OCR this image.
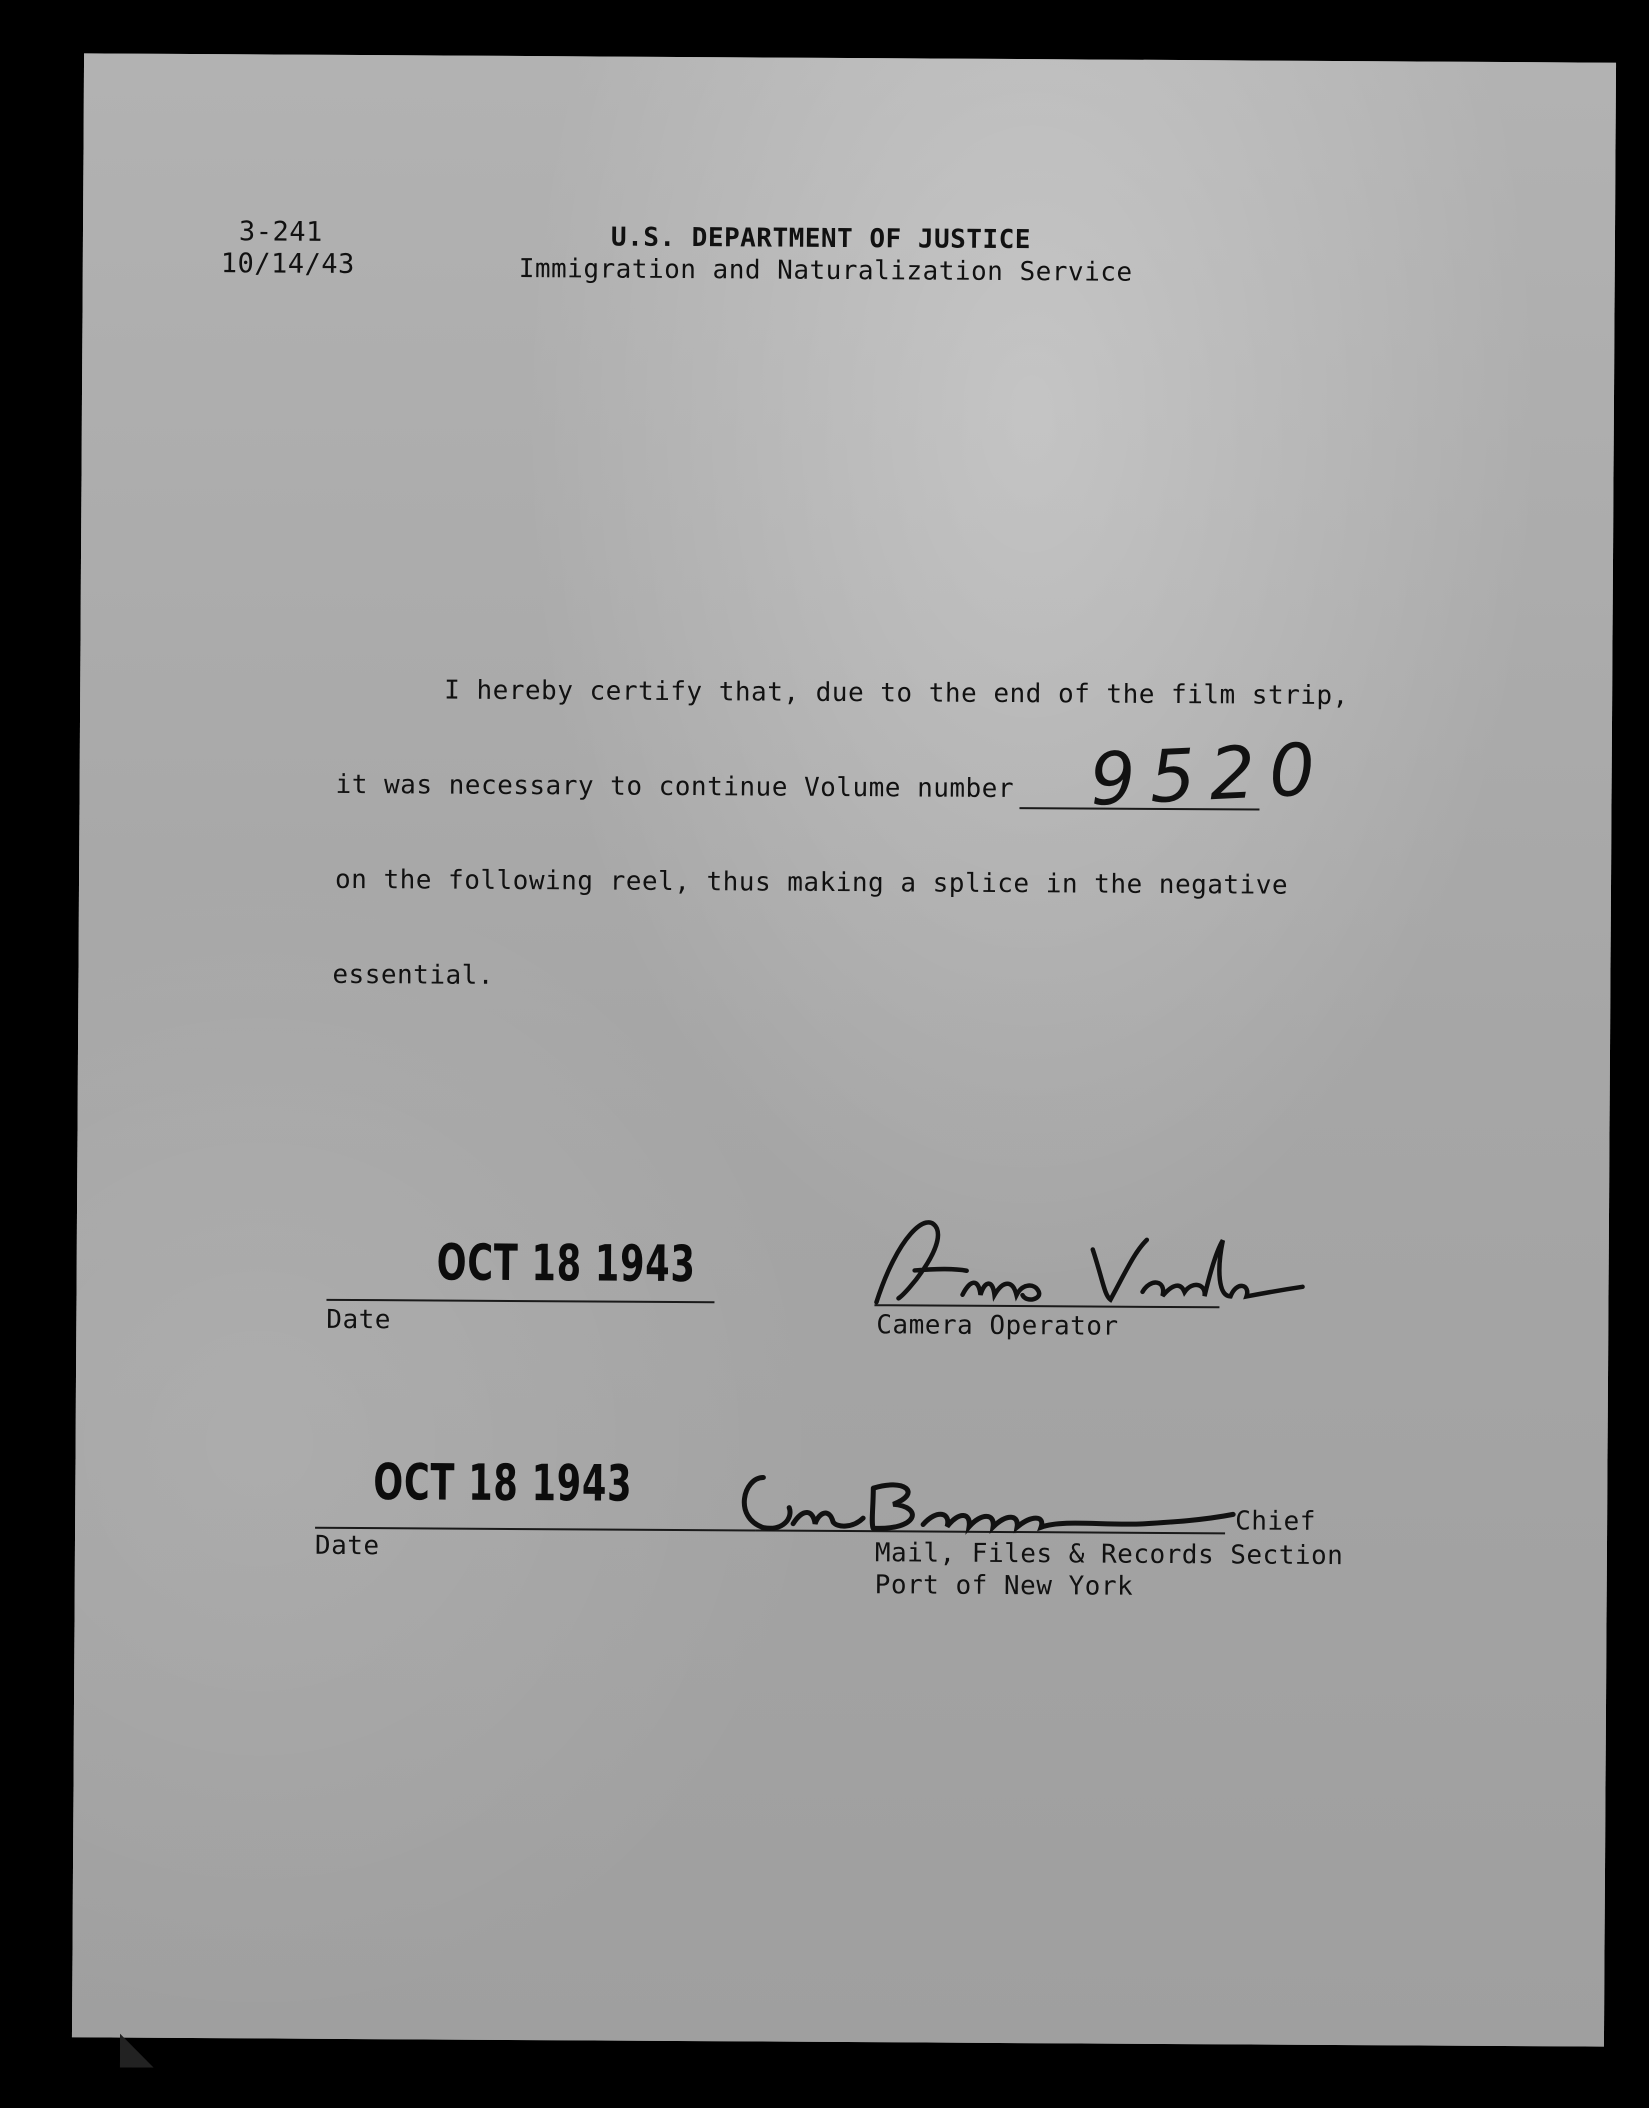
3-241
10/14/43
U.S. DEPARTMENT OF JUSTICE
Immigration and Naturalization Service
I hereby certify that, due to the end of the film strip,
it was necessary to continue Volume number 9520
on the following reel, thus making a splice in the negative
essential.
OCT 18 1943
Date	Camera Operator
OCT 18 1943
Date
Chief
Mail, Files & Records Section
Port of New York
